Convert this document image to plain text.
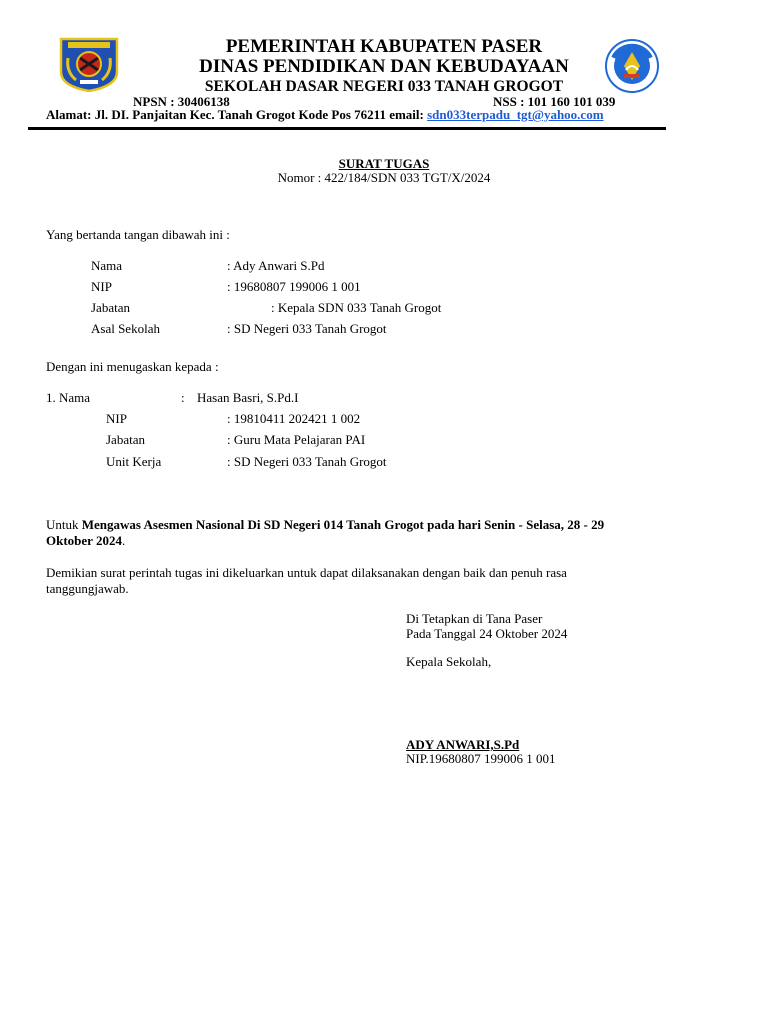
PEMERINTAH KABUPATEN PASER
DINAS PENDIDIKAN DAN KEBUDAYAAN
SEKOLAH DASAR NEGERI 033 TANAH GROGOT
NPSN : 30406138	NSS : 101 160 101 039
Alamat: Jl. DI. Panjaitan Kec. Tanah Grogot Kode Pos 76211 email: sdn033terpadu_tgt@yahoo.com
SURAT TUGAS
Nomor : 422/184/SDN 033 TGT/X/2024
Yang bertanda tangan dibawah ini :
Nama	: Ady Anwari S.Pd
NIP	: 19680807 199006 1 001
Jabatan	: Kepala SDN 033 Tanah Grogot
Asal Sekolah	: SD Negeri 033 Tanah Grogot
Dengan ini menugaskan kepada :
1. Nama	: Hasan Basri, S.Pd.I
NIP	: 19810411 202421 1 002
Jabatan	: Guru Mata Pelajaran PAI
Unit Kerja	: SD Negeri 033 Tanah Grogot
Untuk Mengawas Asesmen Nasional Di SD Negeri 014 Tanah Grogot pada hari Senin - Selasa, 28 - 29
Oktober 2024.
Demikian surat perintah tugas ini dikeluarkan untuk dapat dilaksanakan dengan baik dan penuh rasa
tanggungjawab.
Di Tetapkan di Tana Paser
Pada Tanggal 24 Oktober 2024
Kepala Sekolah,
ADY ANWARI,S.Pd
NIP.19680807 199006 1 001
